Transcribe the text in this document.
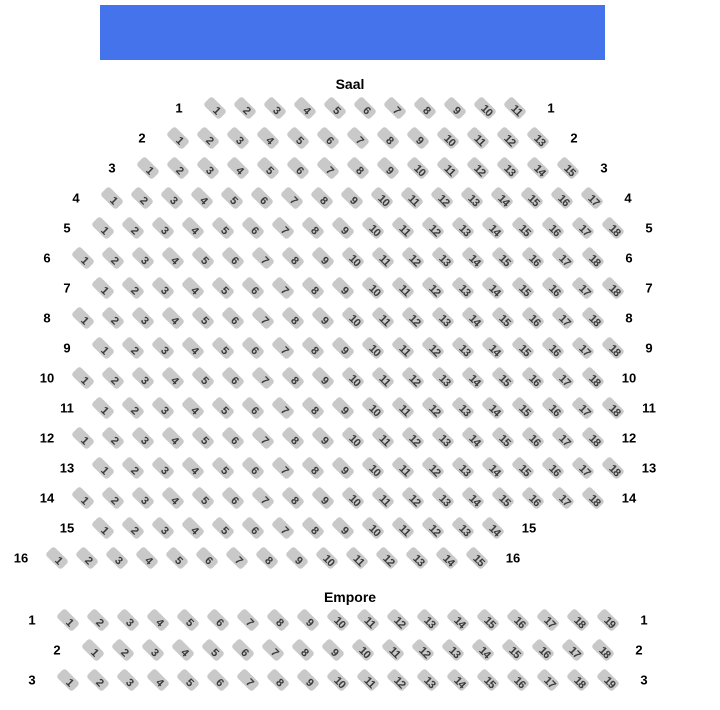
Saal
Empore
1	1 2 3 4 5 6 7 8 9 10 11 1
2	1 2 3 4 5 6 7 8 9 10 11 12 13 2
3	1 2 3 4 5 6 7 8 9 10 11 12 13 14 15 3
4	1 2 3 4 5 6 7 8 9 10 11 12 13 14 15 16 17 4
5	1 2 3 4 5 6 7 8 9 10 11 12 13 14 15 16 17 18 5
6	1 2 3 4 5 6 7 8 9 10 11 12 13 14 15 16 17 18 6
7	1 2 3 4 5 6 7 8 9 10 11 12 13 14 15 16 17 18 7
8	1 2 3 4 5 6 7 8 9 10 11 12 13 14 15 16 17 18 8
9	1 2 3 4 5 6 7 8 9 10 11 12 13 14 15 16 17 18 9
10 1 2 3 4 5 6 7 8 9 10 11 12 13 14 15 16 17 18 10
11 1 2 3 4 5 6 7 8 9 10 11 12 13 14 15 16 17 18 11
12 1 2 3 4 5 6 7 8 9 10 11 12 13 14 15 16 17 18 12
13 1 2 3 4 5 6 7 8 9 10 11 12 13 14 15 16 17 18 13
14 1 2 3 4 5 6 7 8 9 10 11 12 13 14 15 16 17 18 14
15 1 2 3 4 5 6 7 8 9 10 11 12 13 14 15
16 1 2 3 4 5 6 7 8 9 10 11 12 13 14 15 16
1	1 2 3 4 5 6 7 8 9 10 11 12 13 14 15 16 17 18 19 1
2	1 2 3 4 5 6 7 8 9 10 11 12 13 14 15 16 17 18 2
3	1 2 3 4 5 6 7 8 9 10 11 12 13 14 15 16 17 18 19 3
